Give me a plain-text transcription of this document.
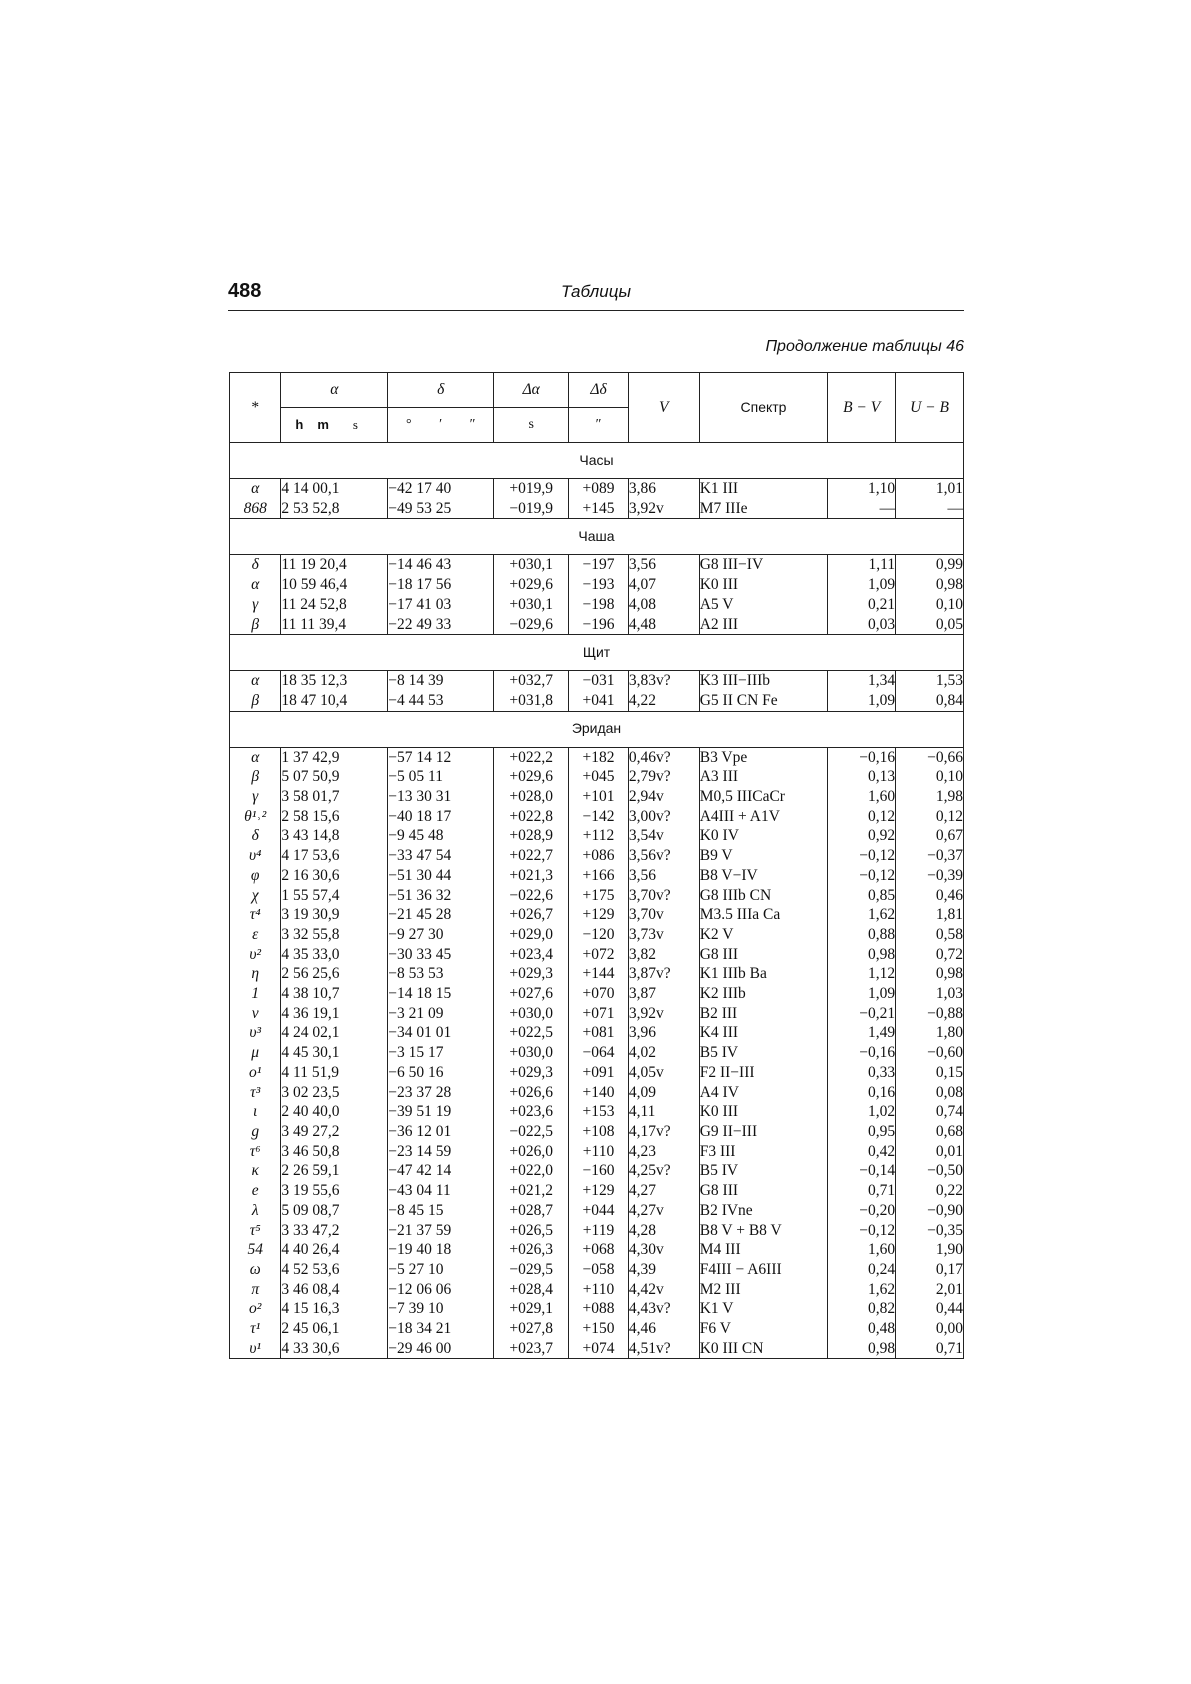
488	Таблицы
Продолжение таблицы 46
*	α	δ	Δα	Δδ	V	Спектр	B − V	U − B

	h m s	° ′ ″	s	″				
Часы								
α	4 14 00,1	−42 17 40	+019,9	+089	3,86	K1 III	1,10	1,01
868	2 53 52,8	−49 53 25	−019,9	+145	3,92v	M7 IIIe	—	—
Чаша								
δ	11 19 20,4	−14 46 43	+030,1	−197	3,56	G8 III−IV	1,11	0,99
α	10 59 46,4	−18 17 56	+029,6	−193	4,07	K0 III	1,09	0,98
γ	11 24 52,8	−17 41 03	+030,1	−198	4,08	A5 V	0,21	0,10
β	11 11 39,4	−22 49 33	−029,6	−196	4,48	A2 III	0,03	0,05
Щит								
α	18 35 12,3	−8 14 39	+032,7	−031	3,83v?	K3 III−IIIb	1,34	1,53
β	18 47 10,4	−4 44 53	+031,8	+041	4,22	G5 II CN Fe	1,09	0,84
Эридан								
α	1 37 42,9	−57 14 12	+022,2	+182	0,46v?	B3 Vpe	−0,16	−0,66
β	5 07 50,9	−5 05 11	+029,6	+045	2,79v?	A3 III	0,13	0,10
γ	3 58 01,7	−13 30 31	+028,0	+101	2,94v	M0,5 IIICaCr	1,60	1,98
θ¹˒²	2 58 15,6	−40 18 17	+022,8	−142	3,00v?	A4III + A1V	0,12	0,12
δ	3 43 14,8	−9 45 48	+028,9	+112	3,54v	K0 IV	0,92	0,67
υ⁴	4 17 53,6	−33 47 54	+022,7	+086	3,56v?	B9 V	−0,12	−0,37
φ	2 16 30,6	−51 30 44	+021,3	+166	3,56	B8 V−IV	−0,12	−0,39
χ	1 55 57,4	−51 36 32	−022,6	+175	3,70v?	G8 IIIb CN	0,85	0,46
τ⁴	3 19 30,9	−21 45 28	+026,7	+129	3,70v	M3.5 IIIa Ca	1,62	1,81
ε	3 32 55,8	−9 27 30	+029,0	−120	3,73v	K2 V	0,88	0,58
υ²	4 35 33,0	−30 33 45	+023,4	+072	3,82	G8 III	0,98	0,72
η	2 56 25,6	−8 53 53	+029,3	+144	3,87v?	K1 IIIb Ba	1,12	0,98
1	4 38 10,7	−14 18 15	+027,6	+070	3,87	K2 IIIb	1,09	1,03
ν	4 36 19,1	−3 21 09	+030,0	+071	3,92v	B2 III	−0,21	−0,88
υ³	4 24 02,1	−34 01 01	+022,5	+081	3,96	K4 III	1,49	1,80
μ	4 45 30,1	−3 15 17	+030,0	−064	4,02	B5 IV	−0,16	−0,60
ο¹	4 11 51,9	−6 50 16	+029,3	+091	4,05v	F2 II−III	0,33	0,15
τ³	3 02 23,5	−23 37 28	+026,6	+140	4,09	A4 IV	0,16	0,08
ι	2 40 40,0	−39 51 19	+023,6	+153	4,11	K0 III	1,02	0,74
g	3 49 27,2	−36 12 01	−022,5	+108	4,17v?	G9 II−III	0,95	0,68
τ⁶	3 46 50,8	−23 14 59	+026,0	+110	4,23	F3 III	0,42	0,01
κ	2 26 59,1	−47 42 14	+022,0	−160	4,25v?	B5 IV	−0,14	−0,50
e	3 19 55,6	−43 04 11	+021,2	+129	4,27	G8 III	0,71	0,22
λ	5 09 08,7	−8 45 15	+028,7	+044	4,27v	B2 IVne	−0,20	−0,90
τ⁵	3 33 47,2	−21 37 59	+026,5	+119	4,28	B8 V + B8 V	−0,12	−0,35
54	4 40 26,4	−19 40 18	+026,3	+068	4,30v	M4 III	1,60	1,90
ω	4 52 53,6	−5 27 10	−029,5	−058	4,39	F4III − A6III	0,24	0,17
π	3 46 08,4	−12 06 06	+028,4	+110	4,42v	M2 III	1,62	2,01
ο²	4 15 16,3	−7 39 10	+029,1	+088	4,43v?	K1 V	0,82	0,44
τ¹	2 45 06,1	−18 34 21	+027,8	+150	4,46	F6 V	0,48	0,00
υ¹	4 33 30,6	−29 46 00	+023,7	+074	4,51v?	K0 III CN	0,98	0,71
